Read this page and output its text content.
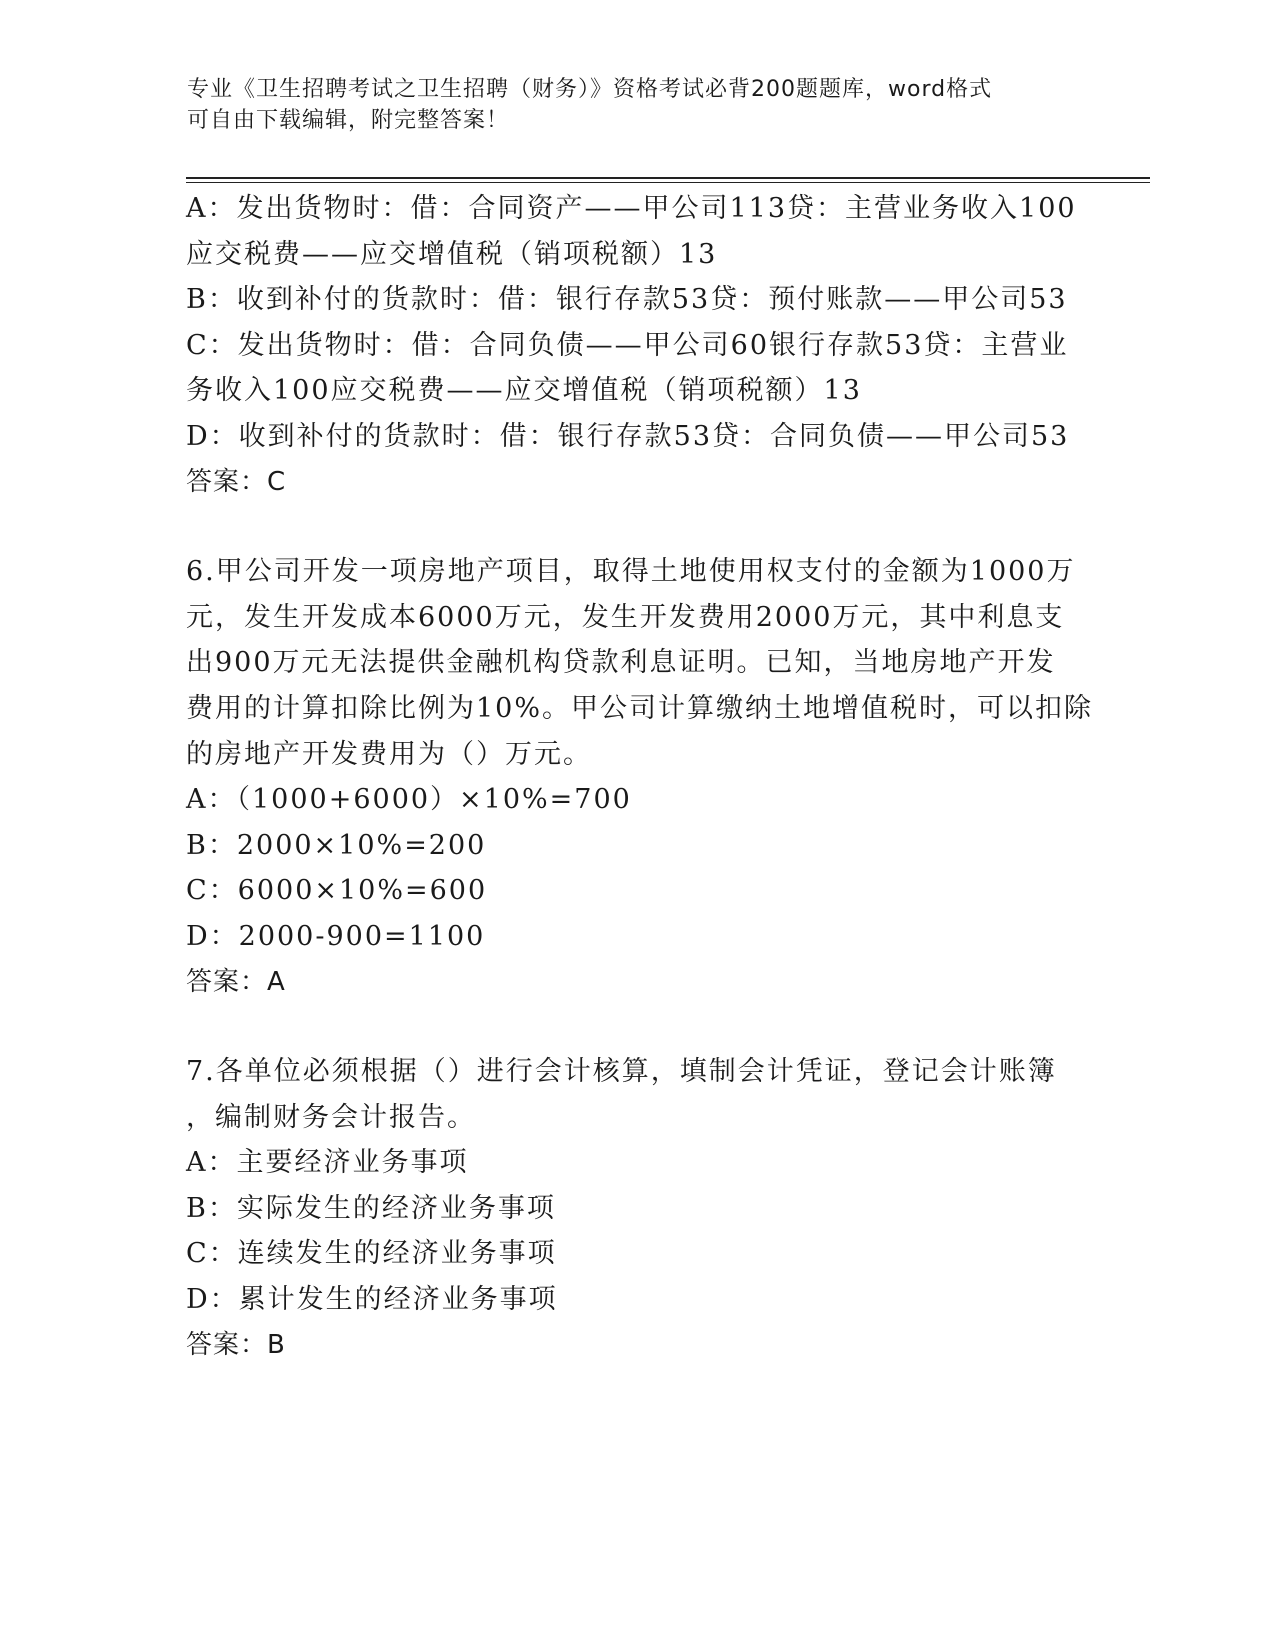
专业《卫生招聘考试之卫生招聘（财务）》资格考试必背200题题库，word格式
可自由下载编辑，附完整答案！
A：发出货物时：借：合同资产——甲公司113贷：主营业务收入100
应交税费——应交增值税（销项税额）13
B：收到补付的货款时：借：银行存款53贷：预付账款——甲公司53
C：发出货物时：借：合同负债——甲公司60银行存款53贷：主营业
务收入100应交税费——应交增值税（销项税额）13
D：收到补付的货款时：借：银行存款53贷：合同负债——甲公司53
答案：C
6.甲公司开发一项房地产项目，取得土地使用权支付的金额为1000万
元，发生开发成本6000万元，发生开发费用2000万元，其中利息支
出900万元无法提供金融机构贷款利息证明。已知，当地房地产开发
费用的计算扣除比例为10%。甲公司计算缴纳土地增值税时，可以扣除
的房地产开发费用为（）万元。
A：（1000+6000）×10%=700
B：2000×10%=200
C：6000×10%=600
D：2000-900=1100
答案：A
7.各单位必须根据（）进行会计核算，填制会计凭证，登记会计账簿
，编制财务会计报告。
A：主要经济业务事项
B：实际发生的经济业务事项
C：连续发生的经济业务事项
D：累计发生的经济业务事项
答案：B
